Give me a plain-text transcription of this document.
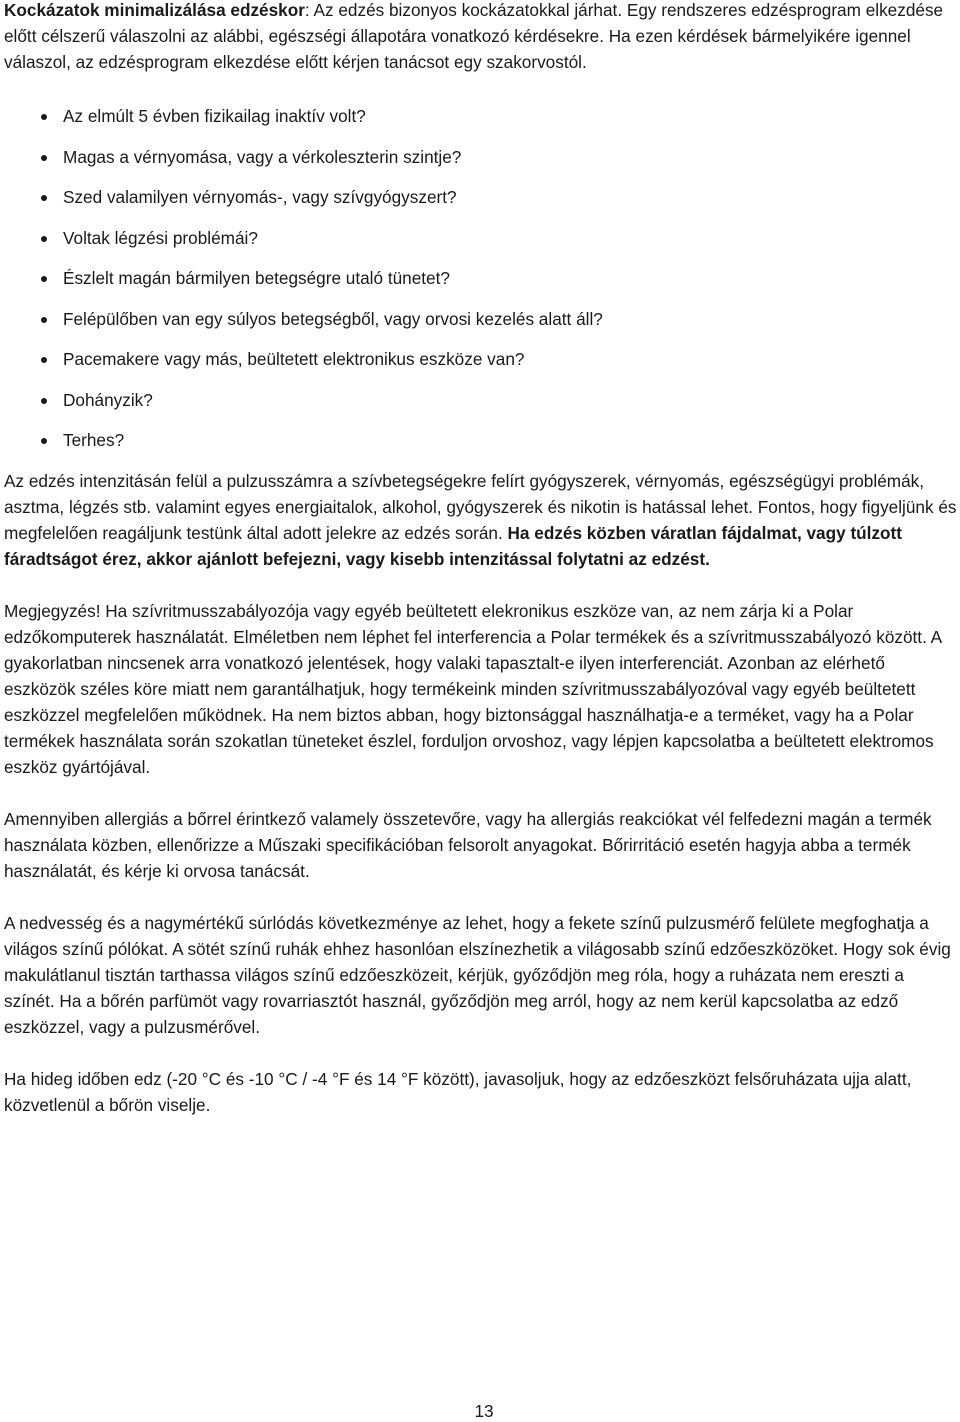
Kockázatok minimalizálása edzéskor: Az edzés bizonyos kockázatokkal járhat. Egy rendszeres edzésprogram elkezdése előtt célszerű válaszolni az alábbi, egészségi állapotára vonatkozó kérdésekre. Ha ezen kérdések bármelyikére igennel válaszol, az edzésprogram elkezdése előtt kérjen tanácsot egy szakorvostól.

Az elmúlt 5 évben fizikailag inaktív volt?
Magas a vérnyomása, vagy a vérkoleszterin szintje?
Szed valamilyen vérnyomás-, vagy szívgyógyszert?
Voltak légzési problémái?
Észlelt magán bármilyen betegségre utaló tünetet?
Felépülőben van egy súlyos betegségből, vagy orvosi kezelés alatt áll?
Pacemakere vagy más, beültetett elektronikus eszköze van?
Dohányzik?
Terhes?

Az edzés intenzitásán felül a pulzusszámra a szívbetegségekre felírt gyógyszerek, vérnyomás, egészségügyi problémák, asztma, légzés stb. valamint egyes energiaitalok, alkohol, gyógyszerek és nikotin is hatással lehet. Fontos, hogy figyeljünk és megfelelően reagáljunk testünk által adott jelekre az edzés során. Ha edzés közben váratlan fájdalmat, vagy túlzott fáradtságot érez, akkor ajánlott befejezni, vagy kisebb intenzitással folytatni az edzést.

Megjegyzés! Ha szívritmusszabályozója vagy egyéb beültetett elekronikus eszköze van, az nem zárja ki a Polar edzőkomputerek használatát. Elméletben nem léphet fel interferencia a Polar termékek és a szívritmusszabályozó között. A gyakorlatban nincsenek arra vonatkozó jelentések, hogy valaki tapasztalt-e ilyen interferenciát. Azonban az elérhető eszközök széles köre miatt nem garantálhatjuk, hogy termékeink minden szívritmusszabályozóval vagy egyéb beültetett eszközzel megfelelően működnek. Ha nem biztos abban, hogy biztonsággal használhatja-e a terméket, vagy ha a Polar termékek használata során szokatlan tüneteket észlel, forduljon orvoshoz, vagy lépjen kapcsolatba a beültetett elektromos eszköz gyártójával.

Amennyiben allergiás a bőrrel érintkező valamely összetevőre, vagy ha allergiás reakciókat vél felfedezni magán a termék használata közben, ellenőrizze a Műszaki specifikációban felsorolt anyagokat. Bőrirritáció esetén hagyja abba a termék használatát, és kérje ki orvosa tanácsát.

A nedvesség és a nagymértékű súrlódás következménye az lehet, hogy a fekete színű pulzusmérő felülete megfoghatja a világos színű pólókat. A sötét színű ruhák ehhez hasonlóan elszínezhetik a világosabb színű edzőeszközöket. Hogy sok évig makulátlanul tisztán tarthassa világos színű edzőeszközeit, kérjük, győződjön meg róla, hogy a ruházata nem ereszti a színét. Ha a bőrén parfümöt vagy rovarriasztót használ, győződjön meg arról, hogy az nem kerül kapcsolatba az edző eszközzel, vagy a pulzusmérővel.

Ha hideg időben edz (-20 °C és -10 °C / -4 °F és 14 °F között), javasoljuk, hogy az edzőeszközt felsőruházata ujja alatt, közvetlenül a bőrön viselje.

13
